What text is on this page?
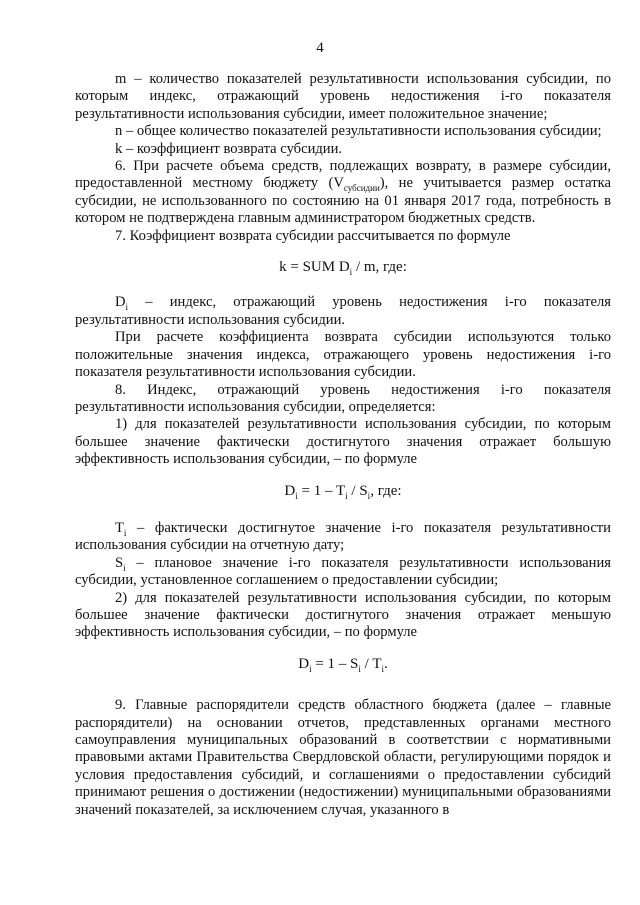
4

m – количество показателей результативности использования субсидии, по которым индекс, отражающий уровень недостижения i-го показателя результативности использования субсидии, имеет положительное значение;

n – общее количество показателей результативности использования субсидии;

k – коэффициент возврата субсидии.

6. При расчете объема средств, подлежащих возврату, в размере субсидии, предоставленной местному бюджету $(V_{субсидии})$, не учитывается размер остатка субсидии, не использованного по состоянию на 01 января 2017 года, потребность в котором не подтверждена главным администратором бюджетных средств.

7. Коэффициент возврата субсидии рассчитывается по формуле

k = SUM $D_i$ / m, где:

$D_i$ – индекс, отражающий уровень недостижения i-го показателя результативности использования субсидии.

При расчете коэффициента возврата субсидии используются только положительные значения индекса, отражающего уровень недостижения i-го показателя результативности использования субсидии.

8. Индекс, отражающий уровень недостижения i-го показателя результативности использования субсидии, определяется:

1) для показателей результативности использования субсидии, по которым большее значение фактически достигнутого значения отражает большую эффективность использования субсидии, – по формуле

$D_i = 1 - T_i / S_i$, где:

$T_i$ – фактически достигнутое значение i-го показателя результативности использования субсидии на отчетную дату;

$S_i$ – плановое значение i-го показателя результативности использования субсидии, установленное соглашением о предоставлении субсидии;

2) для показателей результативности использования субсидии, по которым большее значение фактически достигнутого значения отражает меньшую эффективность использования субсидии, – по формуле

$D_i = 1 - S_i / T_i$.

9. Главные распорядители средств областного бюджета (далее – главные распорядители) на основании отчетов, представленных органами местного самоуправления муниципальных образований в соответствии с нормативными правовыми актами Правительства Свердловской области, регулирующими порядок и условия предоставления субсидий, и соглашениями о предоставлении субсидий принимают решения о достижении (недостижении) муниципальными образованиями значений показателей, за исключением случая, указанного в
